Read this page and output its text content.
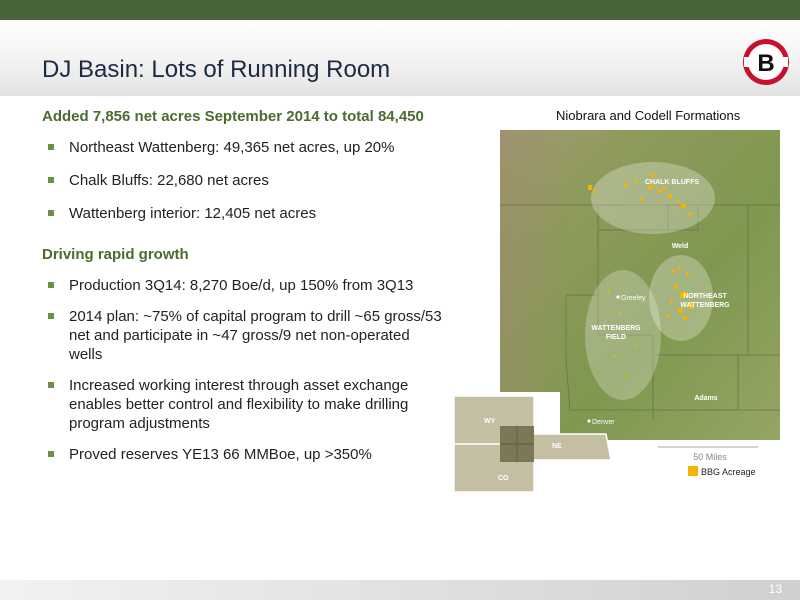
DJ Basin: Lots of Running Room	B
Added 7,856 net acres September 2014 to total 84,450
Northeast Wattenberg: 49,365 net acres, up 20%
Chalk Bluffs: 22,680 net acres
Wattenberg interior: 12,405 net acres
Driving rapid growth
Production 3Q14: 8,270 Boe/d, up 150% from 3Q13
2014 plan: ~75% of capital program to drill ~65 gross/53 net and participate in ~47 gross/9 net non-operated wells
Increased working interest through asset exchange enables better control and flexibility to make drilling program adjustments
Proved reserves YE13 66 MMBoe, up >350%
Niobrara and Codell Formations
CHALK BLUFFS
Weld
NORTHEAST
WATTENBERG
WATTENBERG
FIELD
Adams
Greeley
Denver
WY
NE
CO
50 Miles
BBG Acreage
13
